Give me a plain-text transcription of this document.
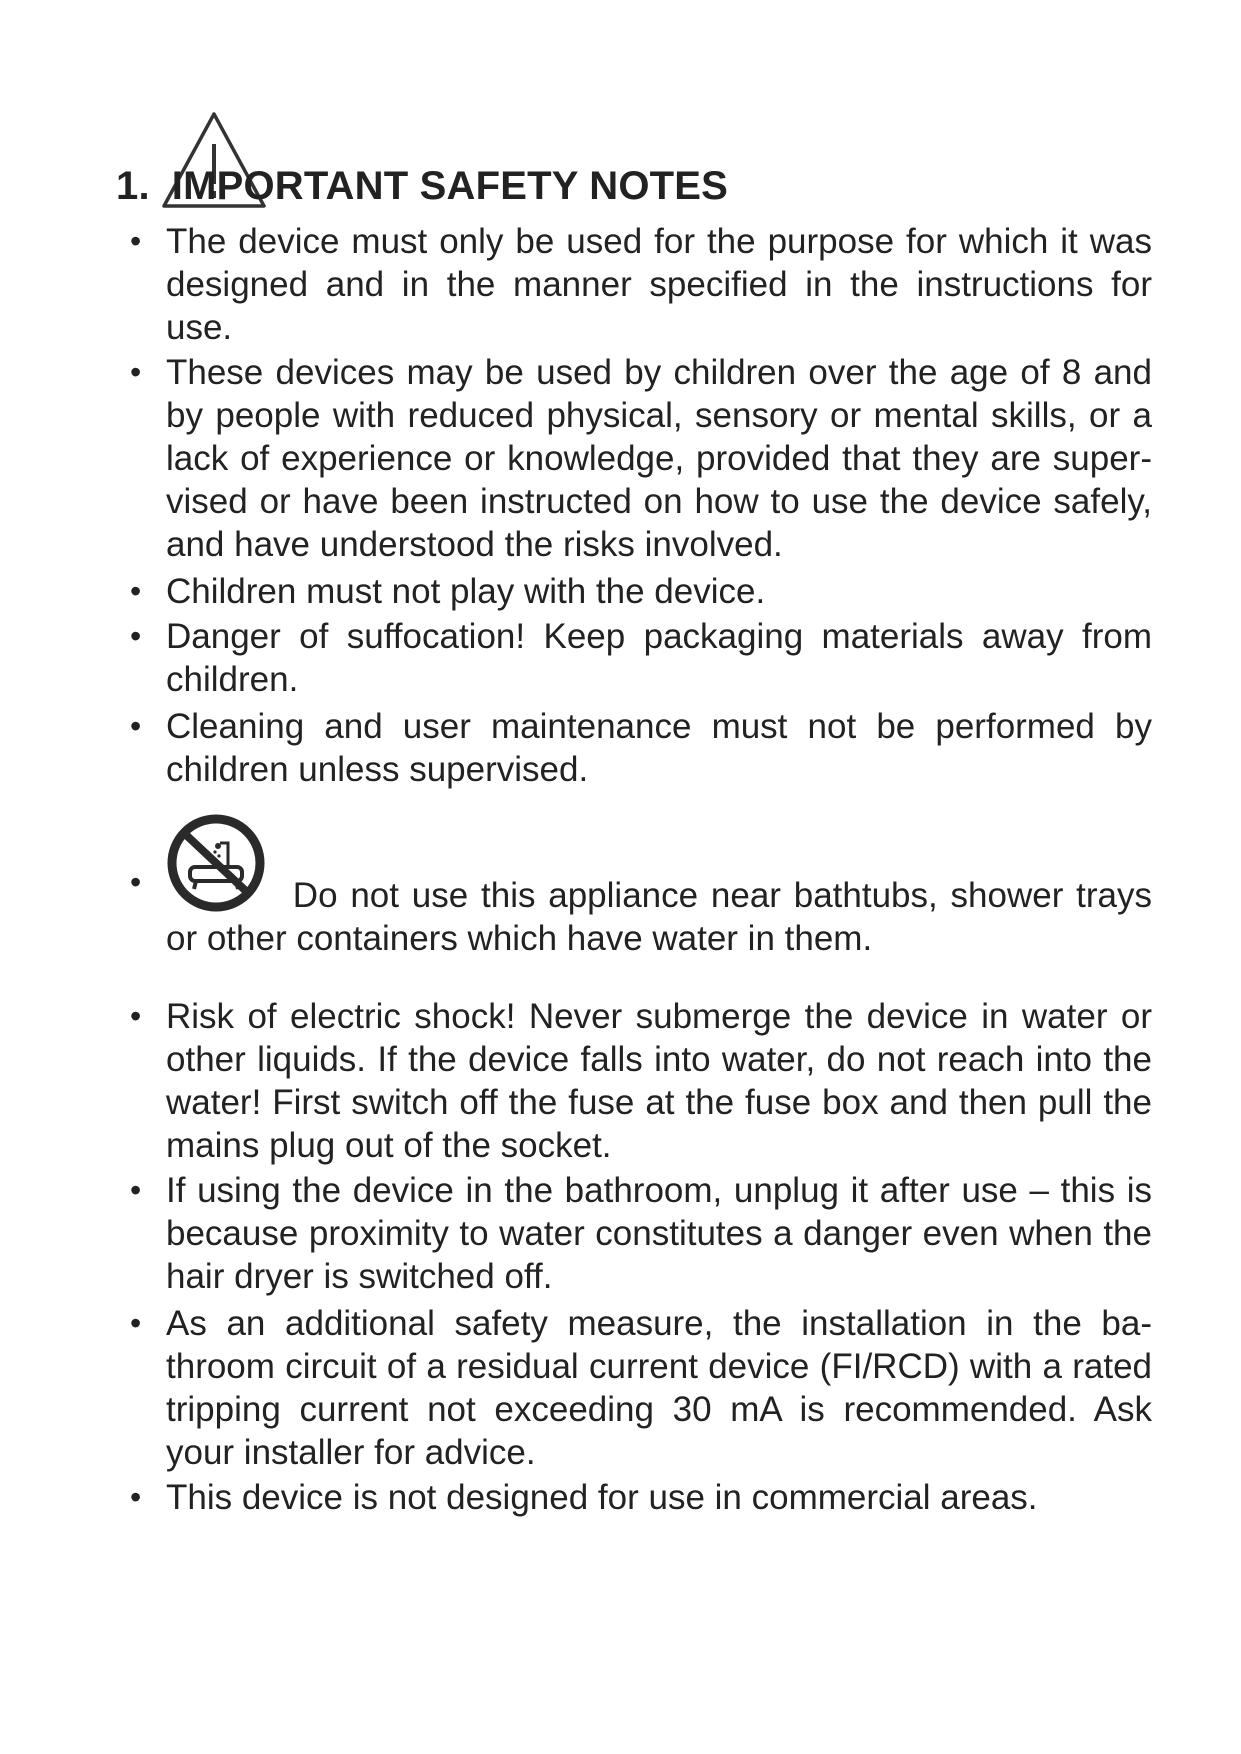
1. IMPORTANT SAFETY NOTES
• The device must only be used for the purpose for which it was designed and in the manner specified in the instructions for use.
• These devices may be used by children over the age of 8 and by people with reduced physical, sensory or mental skills, or a lack of experience or knowledge, provided that they are super-vised or have been instructed on how to use the device safely, and have understood the risks involved.
• Children must not play with the device.
• Danger of suffocation! Keep packaging materials away from children.
• Cleaning and user maintenance must not be performed by children unless supervised.
•	Do not use this appliance near bathtubs, shower trays or other containers which have water in them.
• Risk of electric shock! Never submerge the device in water or other liquids. If the device falls into water, do not reach into the water! First switch off the fuse at the fuse box and then pull the mains plug out of the socket.
• If using the device in the bathroom, unplug it after use – this is because proximity to water constitutes a danger even when the hair dryer is switched off.
• As an additional safety measure, the installation in the ba-throom circuit of a residual current device (FI/RCD) with a rated tripping current not exceeding 30 mA is recommended. Ask your installer for advice.
• This device is not designed for use in commercial areas.
